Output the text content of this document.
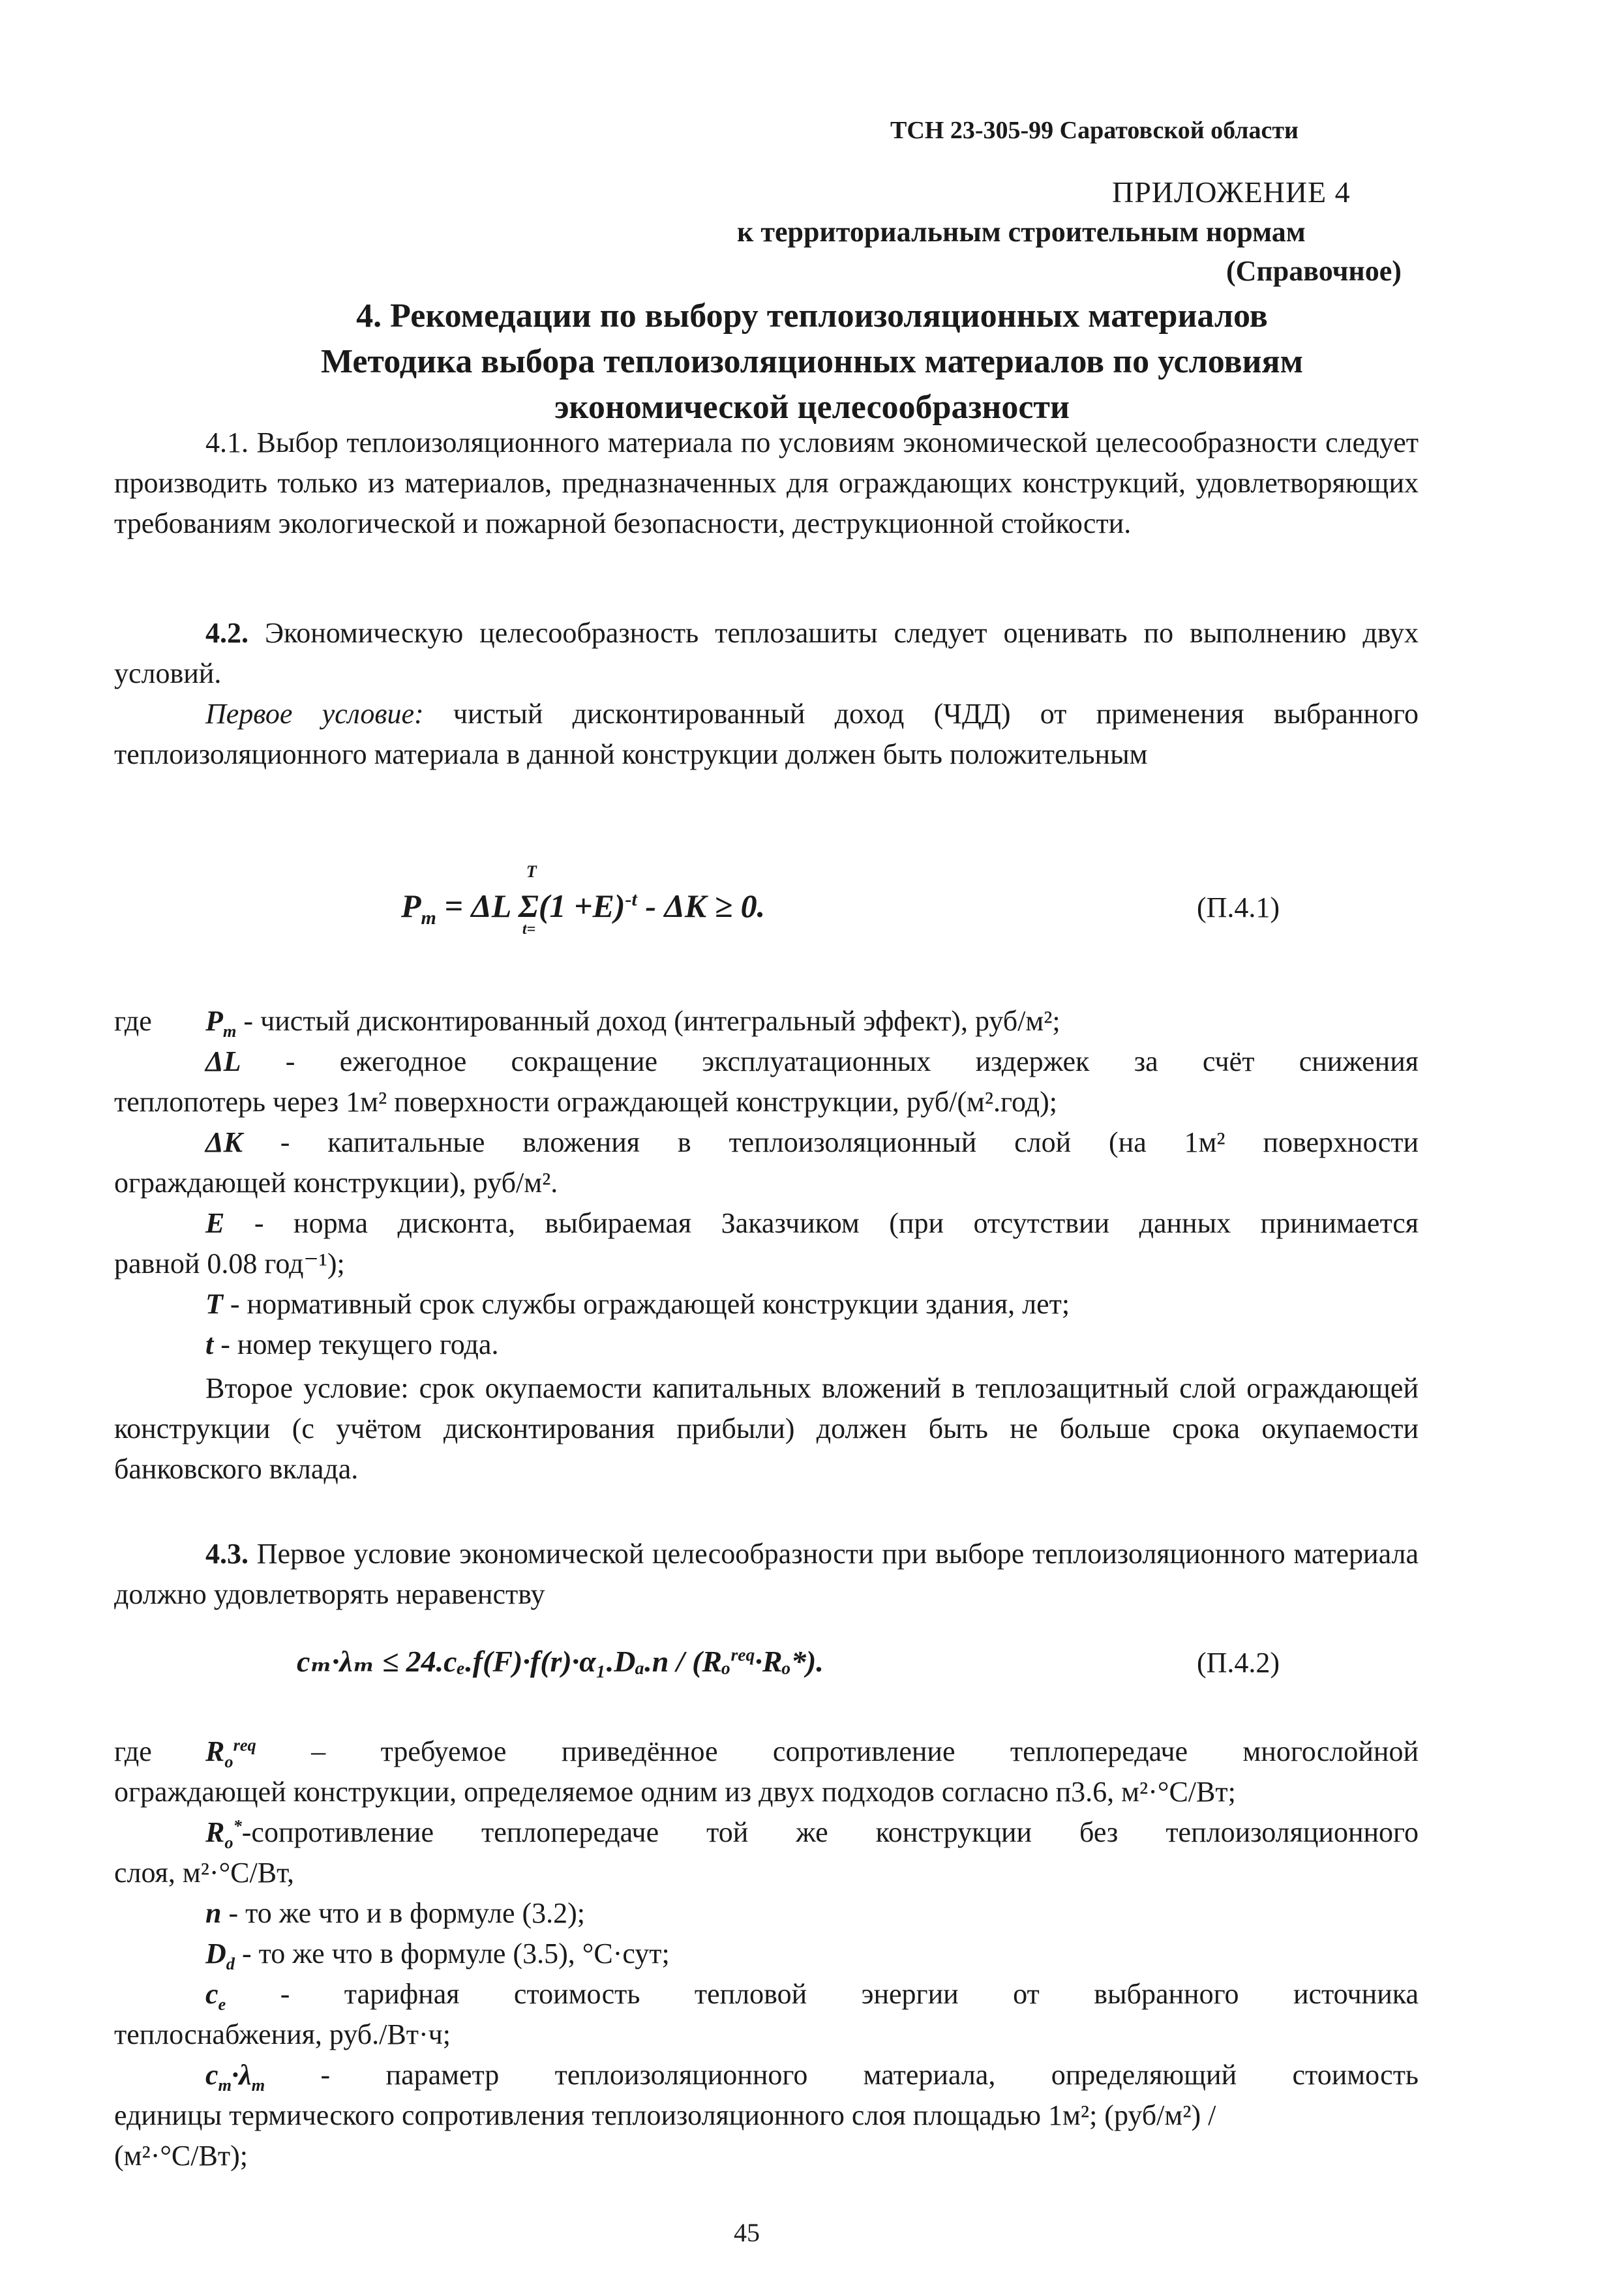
ТСН 23-305-99 Саратовской области
ПРИЛОЖЕНИЕ 4
к территориальным строительным нормам
(Справочное)
4. Рекомедации по выбору теплоизоляционных материалов
Методика выбора теплоизоляционных материалов по условиям
экономической целесообразности
4.1. Выбор теплоизоляционного материала по условиям экономической целесообразности следует производить только из материалов, предназначенных для ограждающих конструкций, удовлетворяющих требованиям экологической и пожарной безопасности, деструкционной стойкости.
4.2. Экономическую целесообразность теплозашиты следует оценивать по выполнению двух условий.
Первое условие: чистый дисконтированный доход (ЧДД) от применения выбранного теплоизоляционного материала в данной конструкции должен быть положительным
$P_m = \Delta L$
T
Σ
t=
$(1 +E)^{-t} - \Delta K \ge 0$.	(П.4.1)
где $P_m$ - чистый дисконтированный доход (интегральный эффект), руб/м²;
ΔL - ежегодное сокращение эксплуатационных издержек за счёт снижения
теплопотерь через 1м² поверхности ограждающей конструкции, руб/(м².год);
ΔK - капитальные вложения в теплоизоляционный слой (на 1м² поверхности
ограждающей конструкции), руб/м².
E - норма дисконта, выбираемая Заказчиком (при отсутствии данных принимается
равной 0.08 год⁻¹);
T - нормативный срок службы ограждающей конструкции здания, лет;
t - номер текущего года.
Второе условие: срок окупаемости капитальных вложений в теплозащитный слой ограждающей конструкции (с учётом дисконтирования прибыли) должен быть не больше срока окупаемости банковского вклада.
4.3. Первое условие экономической целесообразности при выборе теплоизоляционного материала должно удовлетворять неравенству
cₘ·λₘ ≤ 24.cₑ.f(F)·f(r)·α₁.Dₐ.n / (Rₒ$^{req}$·Rₒ*).	(П.4.2)
где $R_o^{req}$ – требуемое приведённое сопротивление теплопередаче многослойной
ограждающей конструкции, определяемое одним из двух подходов согласно п3.6, м²·°С/Вт;
$R_o^*$-сопротивление теплопередаче той же конструкции без теплоизоляционного
слоя, м²·°С/Вт,
n - то же что и в формуле (3.2);
$D_d$ - то же что в формуле (3.5), °С·сут;
$c_e$ - тарифная стоимость тепловой энергии от выбранного источника
теплоснабжения, руб./Вт·ч;
$c_m\cdot\lambda_m$ - параметр теплоизоляционного материала, определяющий стоимость
единицы термического сопротивления теплоизоляционного слоя площадью 1м²; (руб/м²) /
(м²·°С/Вт);
45
